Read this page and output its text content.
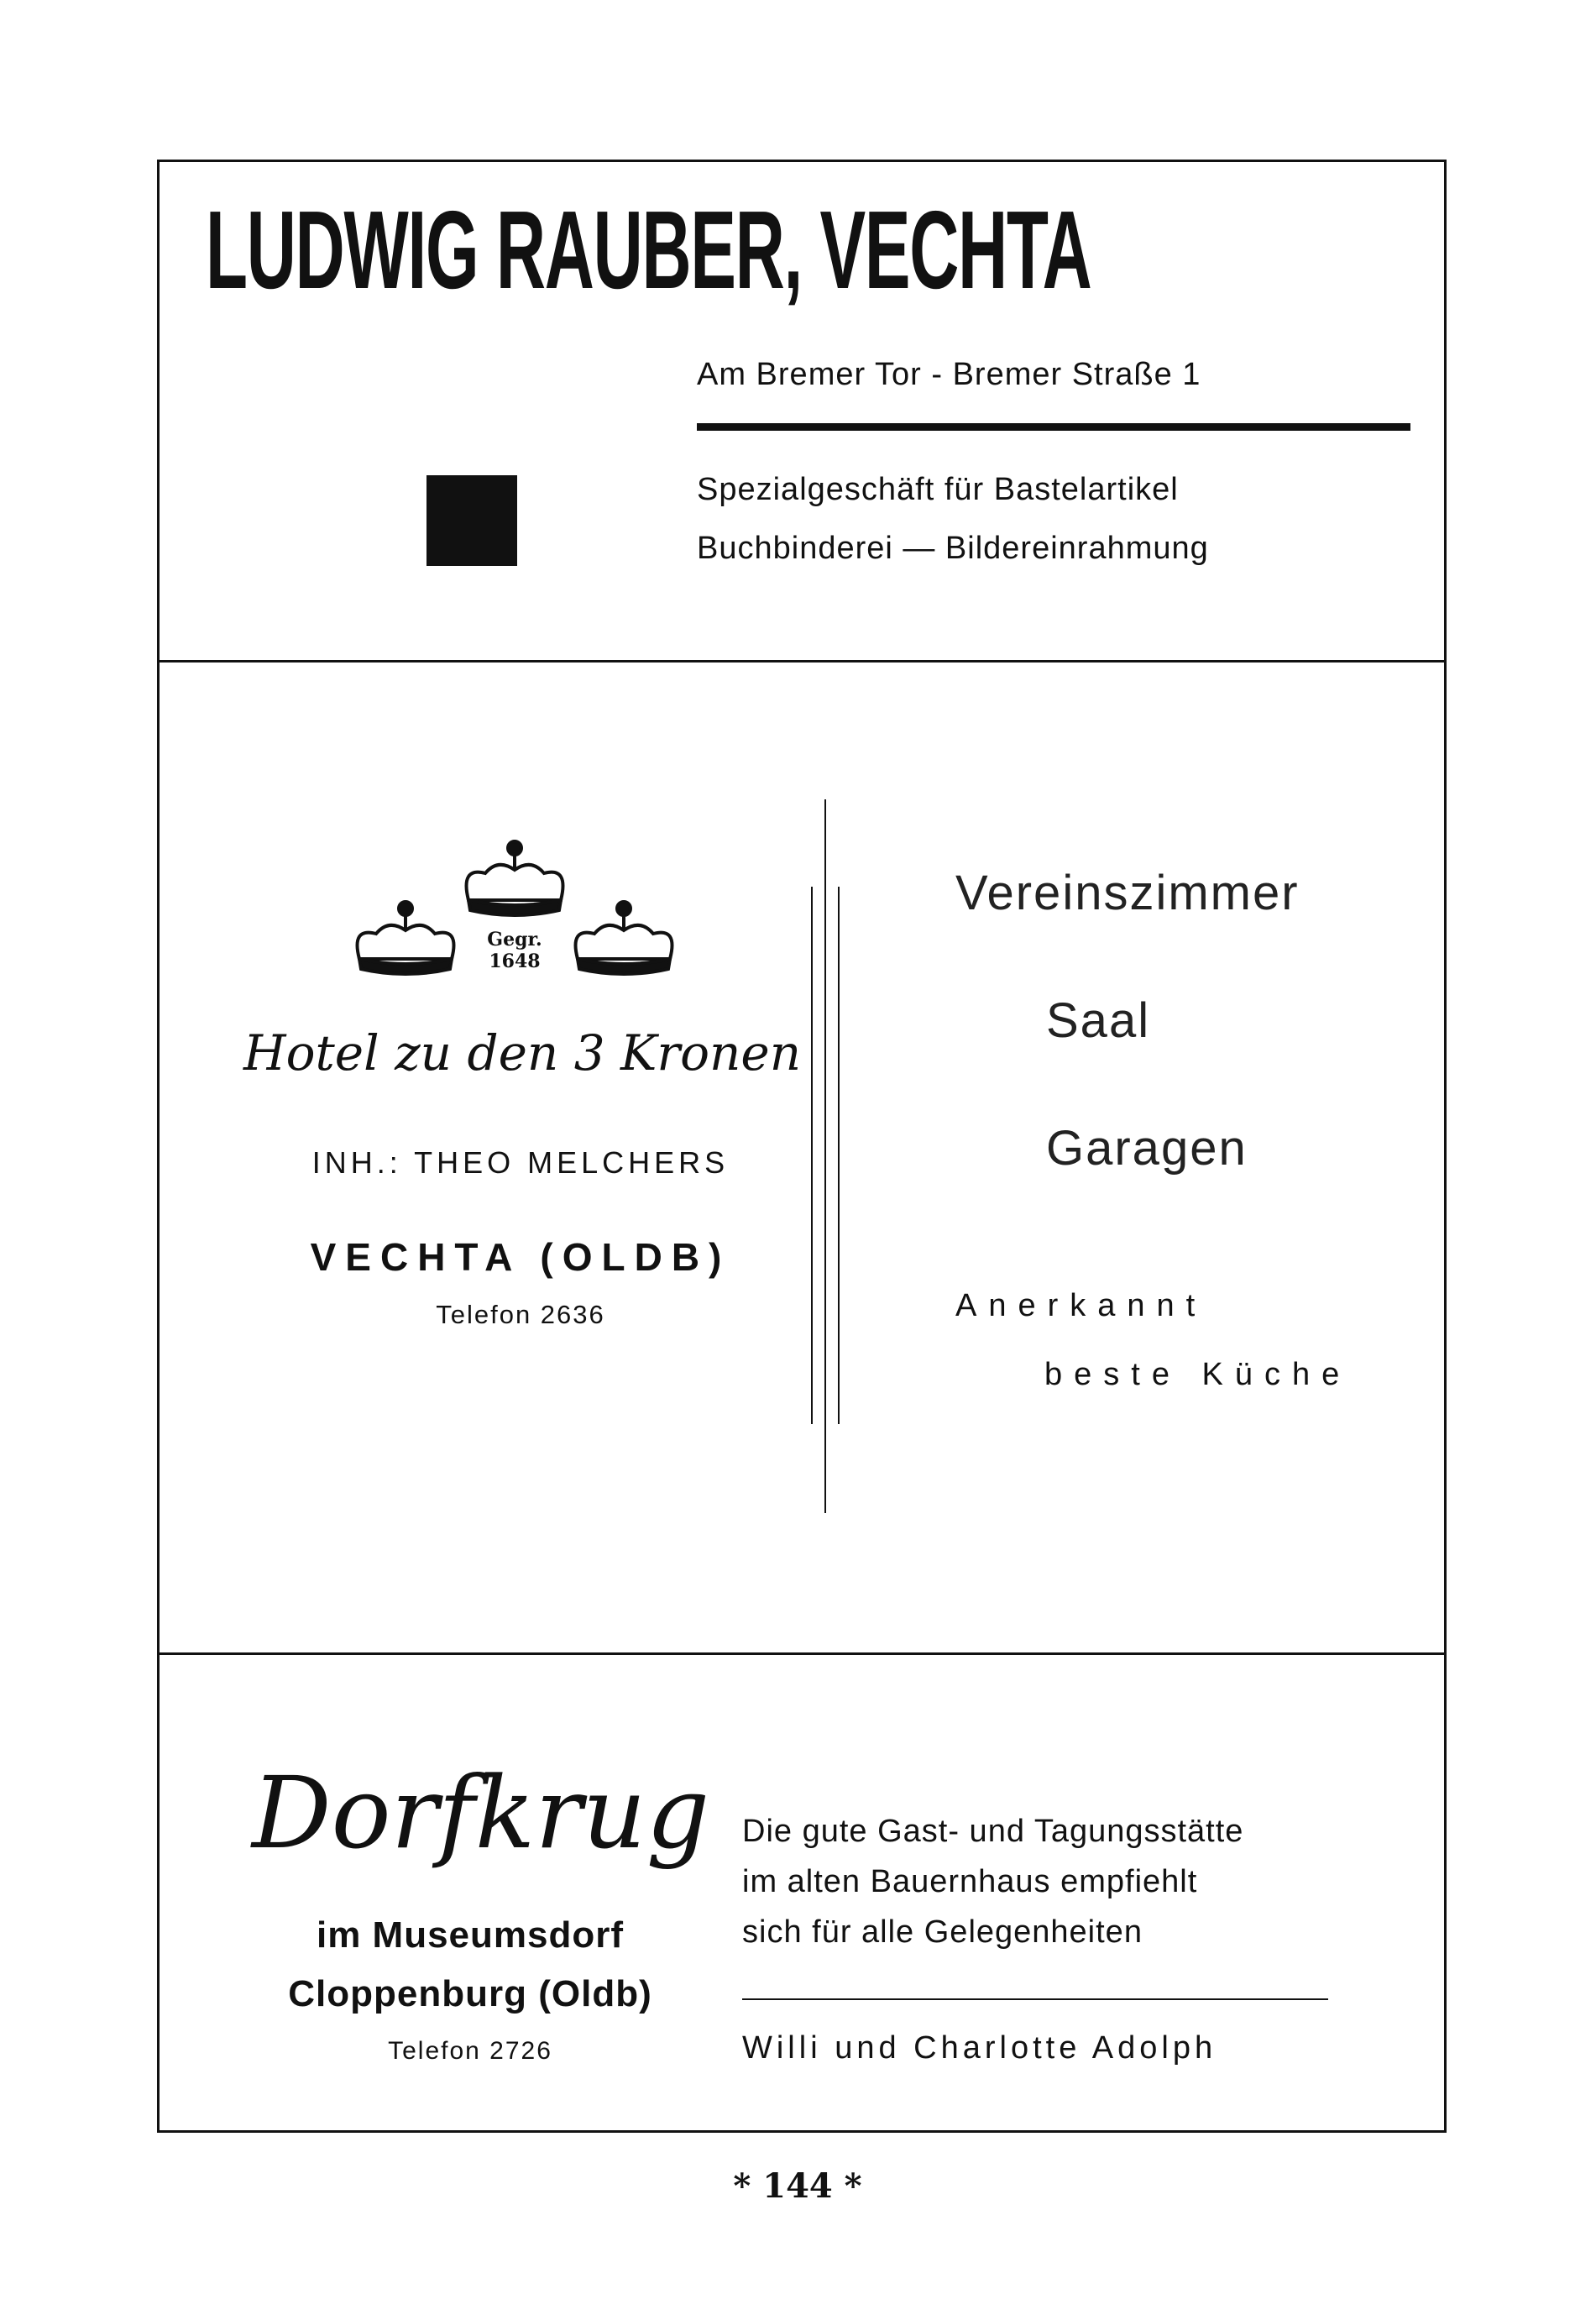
LUDWIG RAUBER, VECHTA
Am Bremer Tor - Bremer Straße 1
Spezialgeschäft für Bastelartikel
Buchbinderei — Bildereinrahmung
Gegr.
1648
Hotel zu den 3 Kronen
INH.: THEO MELCHERS
VECHTA (OLDB)
Telefon 2636
Vereinszimmer
Saal
Garagen
Anerkannt
beste Küche
Dorfkrug
im Museumsdorf
Cloppenburg (Oldb)
Telefon 2726
Die gute Gast- und Tagungsstätte
im alten Bauernhaus empfiehlt
sich für alle Gelegenheiten
Willi und Charlotte Adolph
* 144 *
